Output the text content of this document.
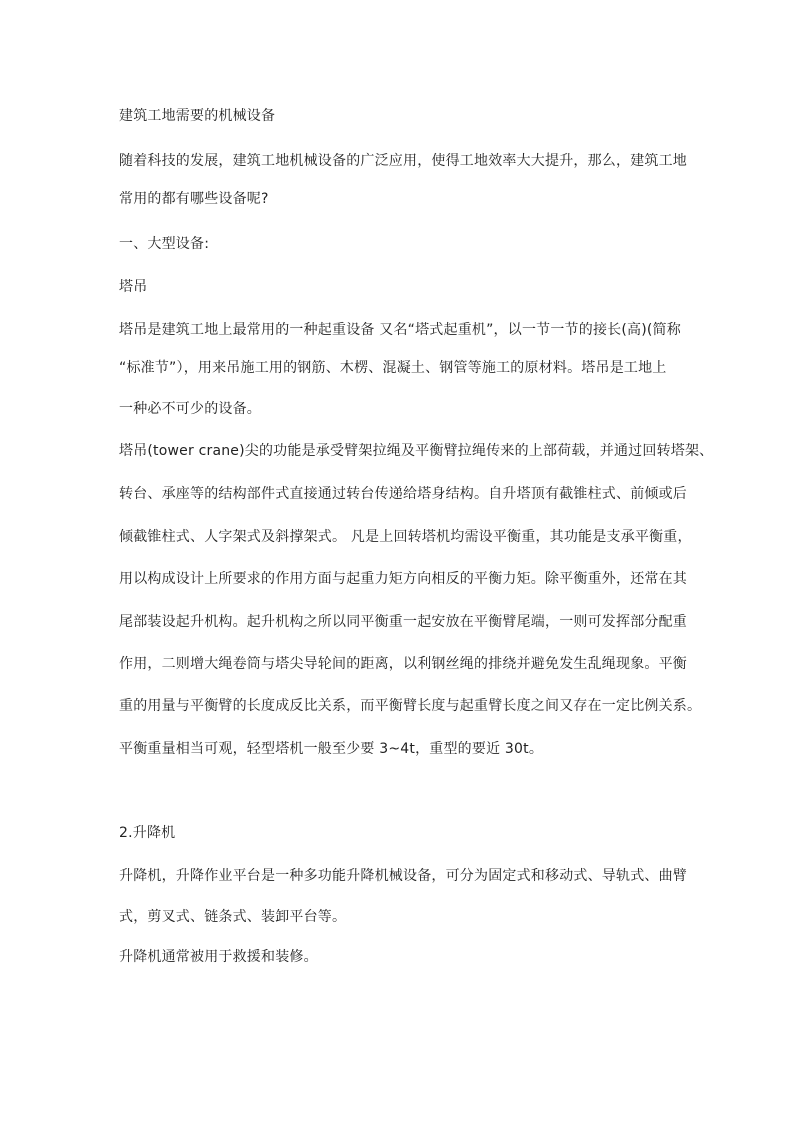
建筑工地需要的机械设备
随着科技的发展，建筑工地机械设备的广泛应用，使得工地效率大大提升，那么，建筑工地
常用的都有哪些设备呢?
一、大型设备:
塔吊
塔吊是建筑工地上最常用的一种起重设备 又名“塔式起重机”，以一节一节的接长(高)(简称
“标准节”），用来吊施工用的钢筋、木楞、混凝土、钢管等施工的原材料。塔吊是工地上
一种必不可少的设备。
塔吊(tower crane)尖的功能是承受臂架拉绳及平衡臂拉绳传来的上部荷载，并通过回转塔架、
转台、承座等的结构部件式直接通过转台传递给塔身结构。自升塔顶有截锥柱式、前倾或后
倾截锥柱式、人字架式及斜撑架式。 凡是上回转塔机均需设平衡重，其功能是支承平衡重，
用以构成设计上所要求的作用方面与起重力矩方向相反的平衡力矩。除平衡重外，还常在其
尾部装设起升机构。起升机构之所以同平衡重一起安放在平衡臂尾端，一则可发挥部分配重
作用，二则增大绳卷筒与塔尖导轮间的距离，以利钢丝绳的排绕并避免发生乱绳现象。平衡
重的用量与平衡臂的长度成反比关系，而平衡臂长度与起重臂长度之间又存在一定比例关系。
平衡重量相当可观，轻型塔机一般至少要 3~4t，重型的要近 30t。
2.升降机
升降机，升降作业平台是一种多功能升降机械设备，可分为固定式和移动式、导轨式、曲臂
式，剪叉式、链条式、装卸平台等。
升降机通常被用于救援和装修。
